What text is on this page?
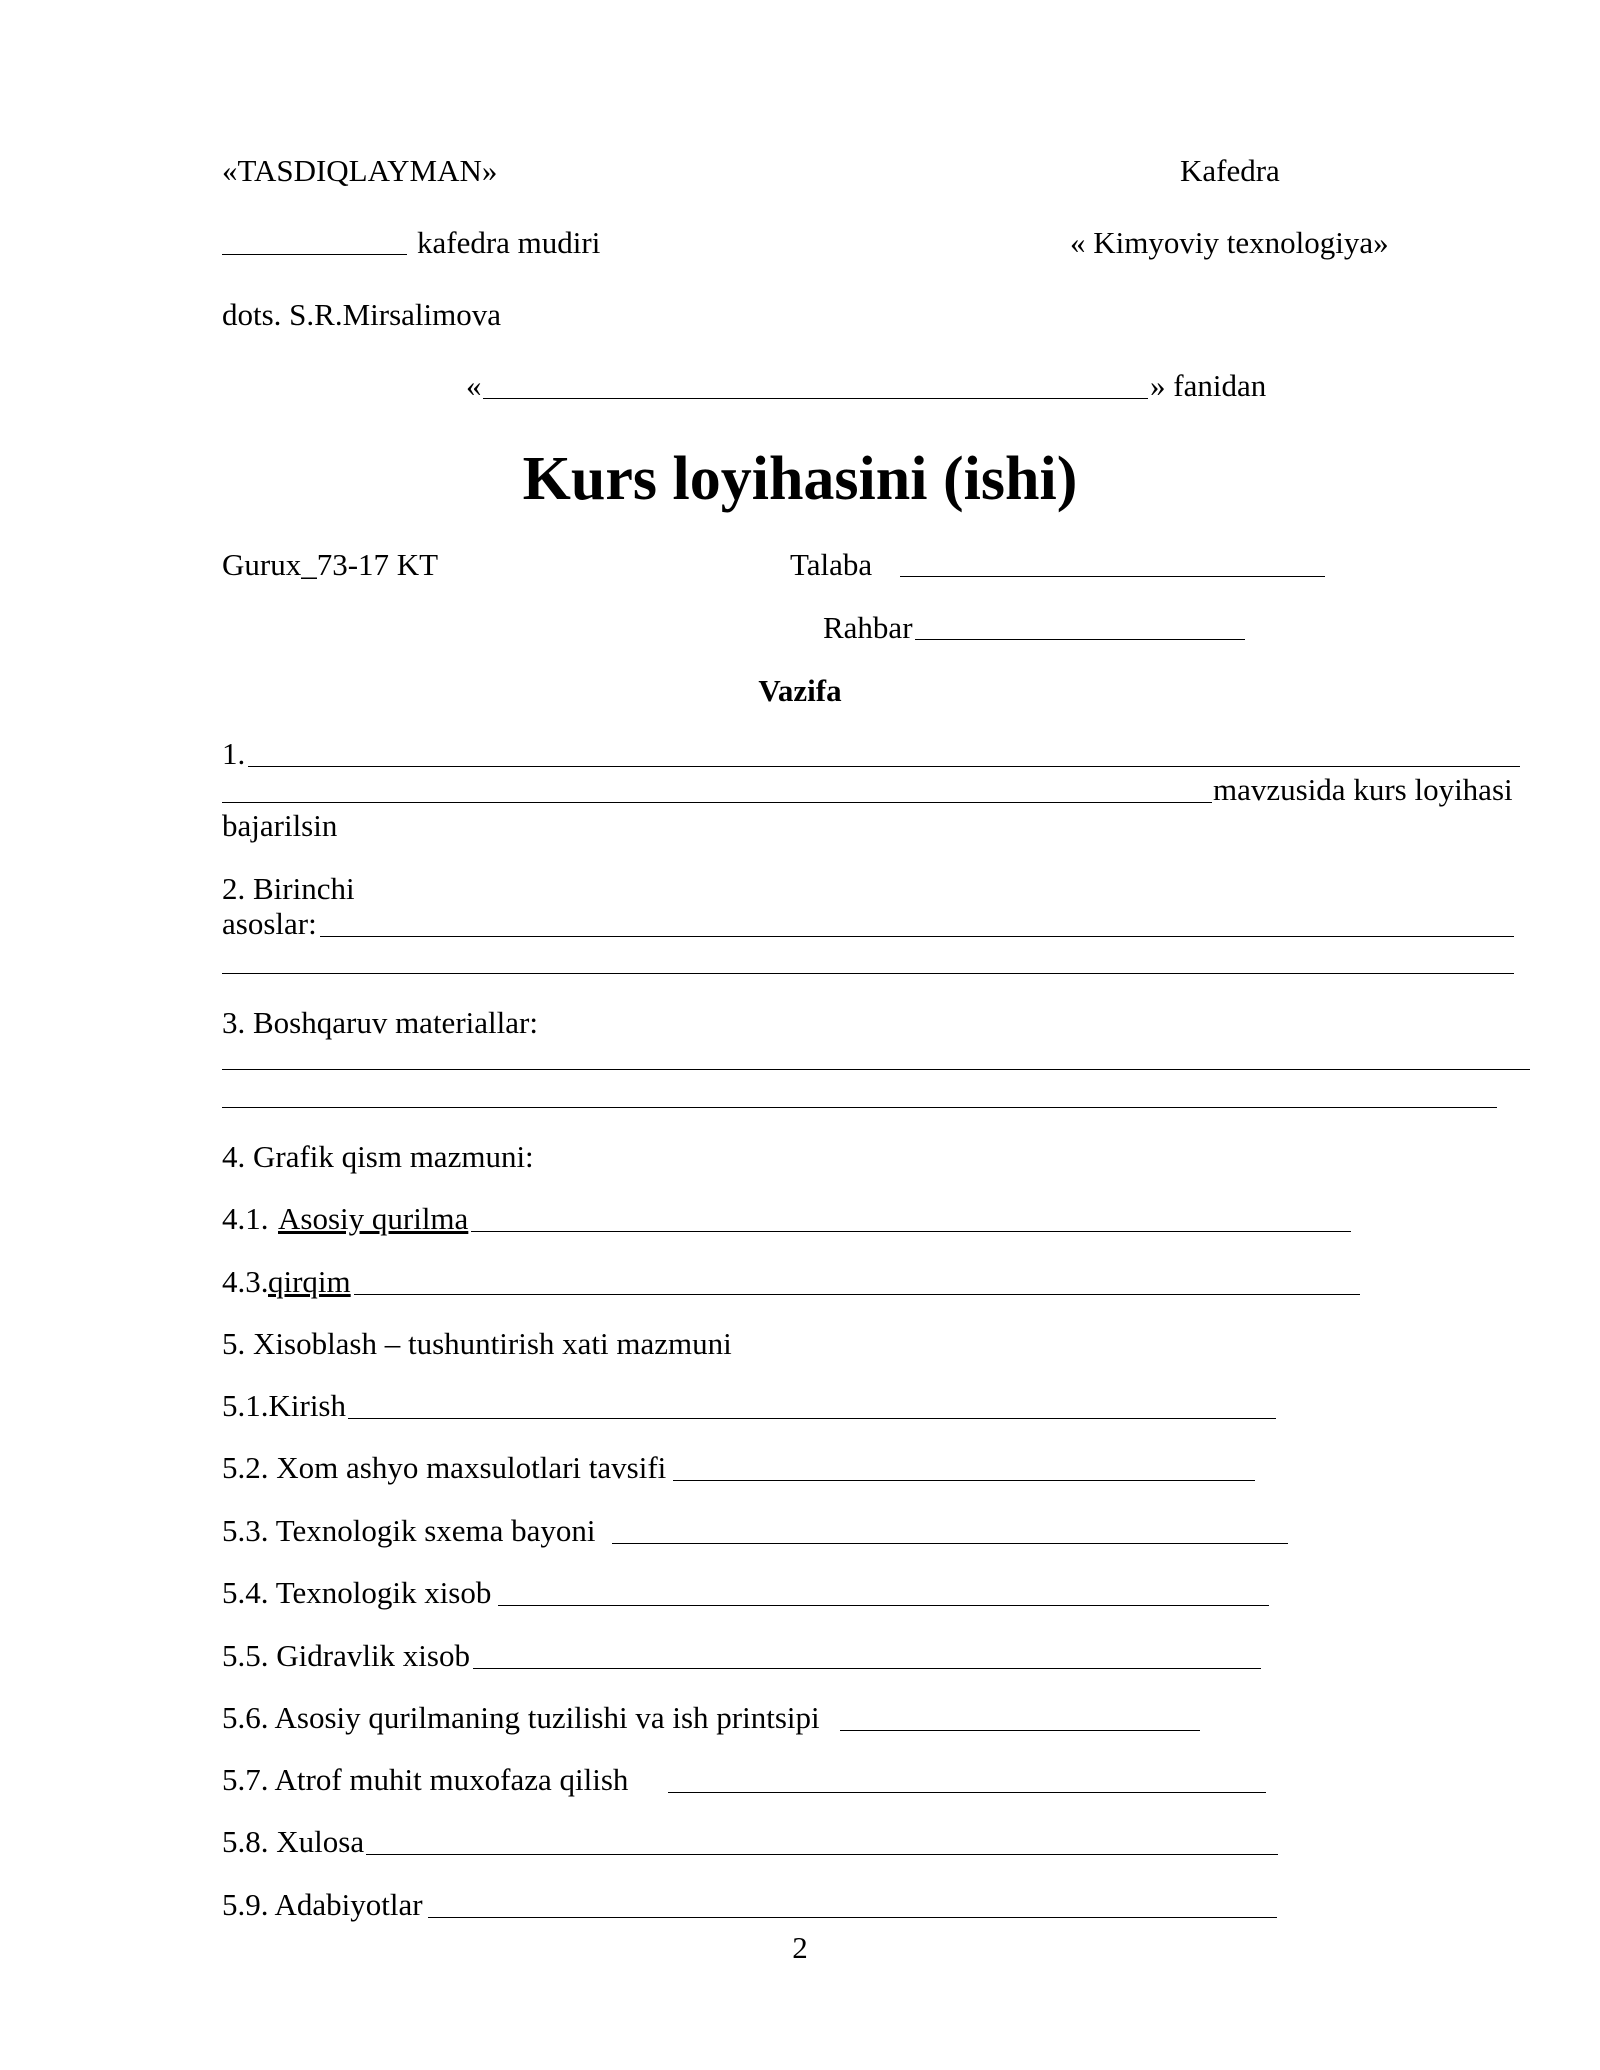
«TASDIQLAYMAN»	Kafedra
kafedra mudiri	« Kimyoviy texnologiya»
dots. S.R.Mirsalimova
«	» fanidan
Kurs loyihasini (ishi)
Gurux_73-17 KT	Talaba
Rahbar
Vazifa
1.
mavzusida kurs loyihasi
bajarilsin
2. Birinchi
asoslar:
3. Boshqaruv materiallar:
4. Grafik qism mazmuni:
4.1. Asosiy qurilma
4.3. qirqim
5. Xisoblash – tushuntirish xati mazmuni
5.1.Kirish
5.2. Xom ashyo maxsulotlari tavsifi
5.3. Texnologik sxema bayoni
5.4. Texnologik xisob
5.5. Gidravlik xisob
5.6. Asosiy qurilmaning tuzilishi va ish printsipi
5.7. Atrof muhit muxofaza qilish
5.8. Xulosa
5.9. Adabiyotlar
2
